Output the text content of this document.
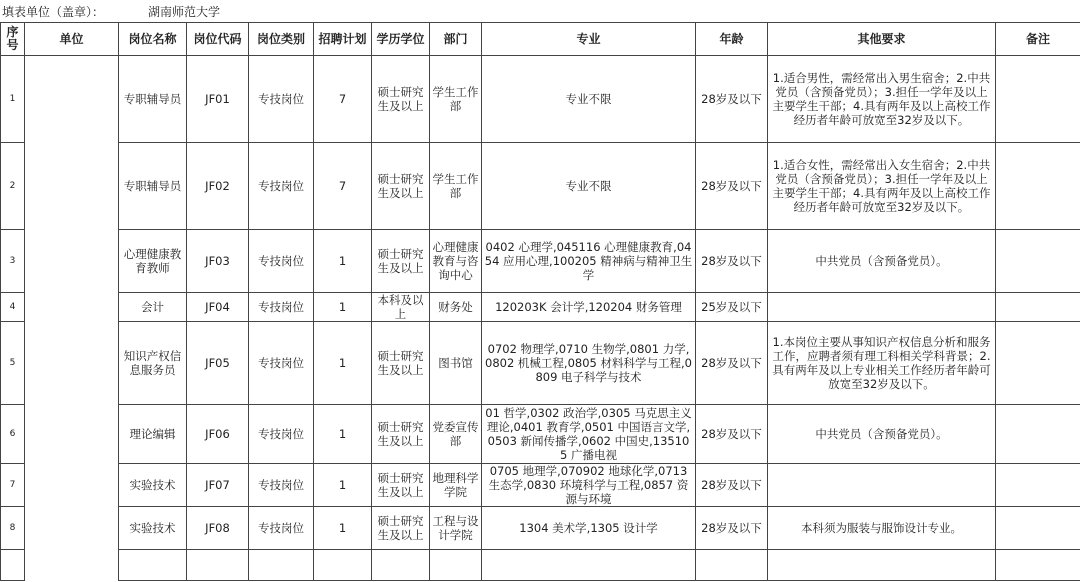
填表单位（盖章）：	湖南师范大学
序号	单位	岗位名称	岗位代码	岗位类别	招聘计划	学历学位	部门	专业	年龄	其他要求	备注
1		专职辅导员	JF01	专技岗位	7	硕士研究生及以上	学生工作部	专业不限	28岁及以下	1.适合男性，需经常出入男生宿舍；2.中共党员（含预备党员）；3.担任一学年及以上主要学生干部；4.具有两年及以上高校工作经历者年龄可放宽至32岁及以下。	
2		专职辅导员	JF02	专技岗位	7	硕士研究生及以上	学生工作部	专业不限	28岁及以下	1.适合女性，需经常出入女生宿舍；2.中共党员（含预备党员）；3.担任一学年及以上主要学生干部；4.具有两年及以上高校工作经历者年龄可放宽至32岁及以下。	
3		心理健康教育教师	JF03	专技岗位	1	硕士研究生及以上	心理健康教育与咨询中心	0402 心理学,045116 心理健康教育,0454 应用心理,100205 精神病与精神卫生学	28岁及以下	中共党员（含预备党员）。	
4		会计	JF04	专技岗位	1	本科及以上	财务处	120203K 会计学,120204 财务管理	25岁及以下		
5		知识产权信息服务员	JF05	专技岗位	1	硕士研究生及以上	图书馆	0702 物理学,0710 生物学,0801 力学,0802 机械工程,0805 材料科学与工程,0809 电子科学与技术	28岁及以下	1.本岗位主要从事知识产权信息分析和服务工作，应聘者须有理工科相关学科背景；2.具有两年及以上专业相关工作经历者年龄可放宽至32岁及以下。	
6		理论编辑	JF06	专技岗位	1	硕士研究生及以上	党委宣传部	01 哲学,0302 政治学,0305 马克思主义理论,0401 教育学,0501 中国语言文学,0503 新闻传播学,0602 中国史,135105 广播电视	28岁及以下	中共党员（含预备党员）。	
7		实验技术	JF07	专技岗位	1	硕士研究生及以上	地理科学学院	0705 地理学,070902 地球化学,0713 生态学,0830 环境科学与工程,0857 资源与环境	28岁及以下		
8		实验技术	JF08	专技岗位	1	硕士研究生及以上	工程与设计学院	1304 美术学,1305 设计学	28岁及以下	本科须为服装与服饰设计专业。	
